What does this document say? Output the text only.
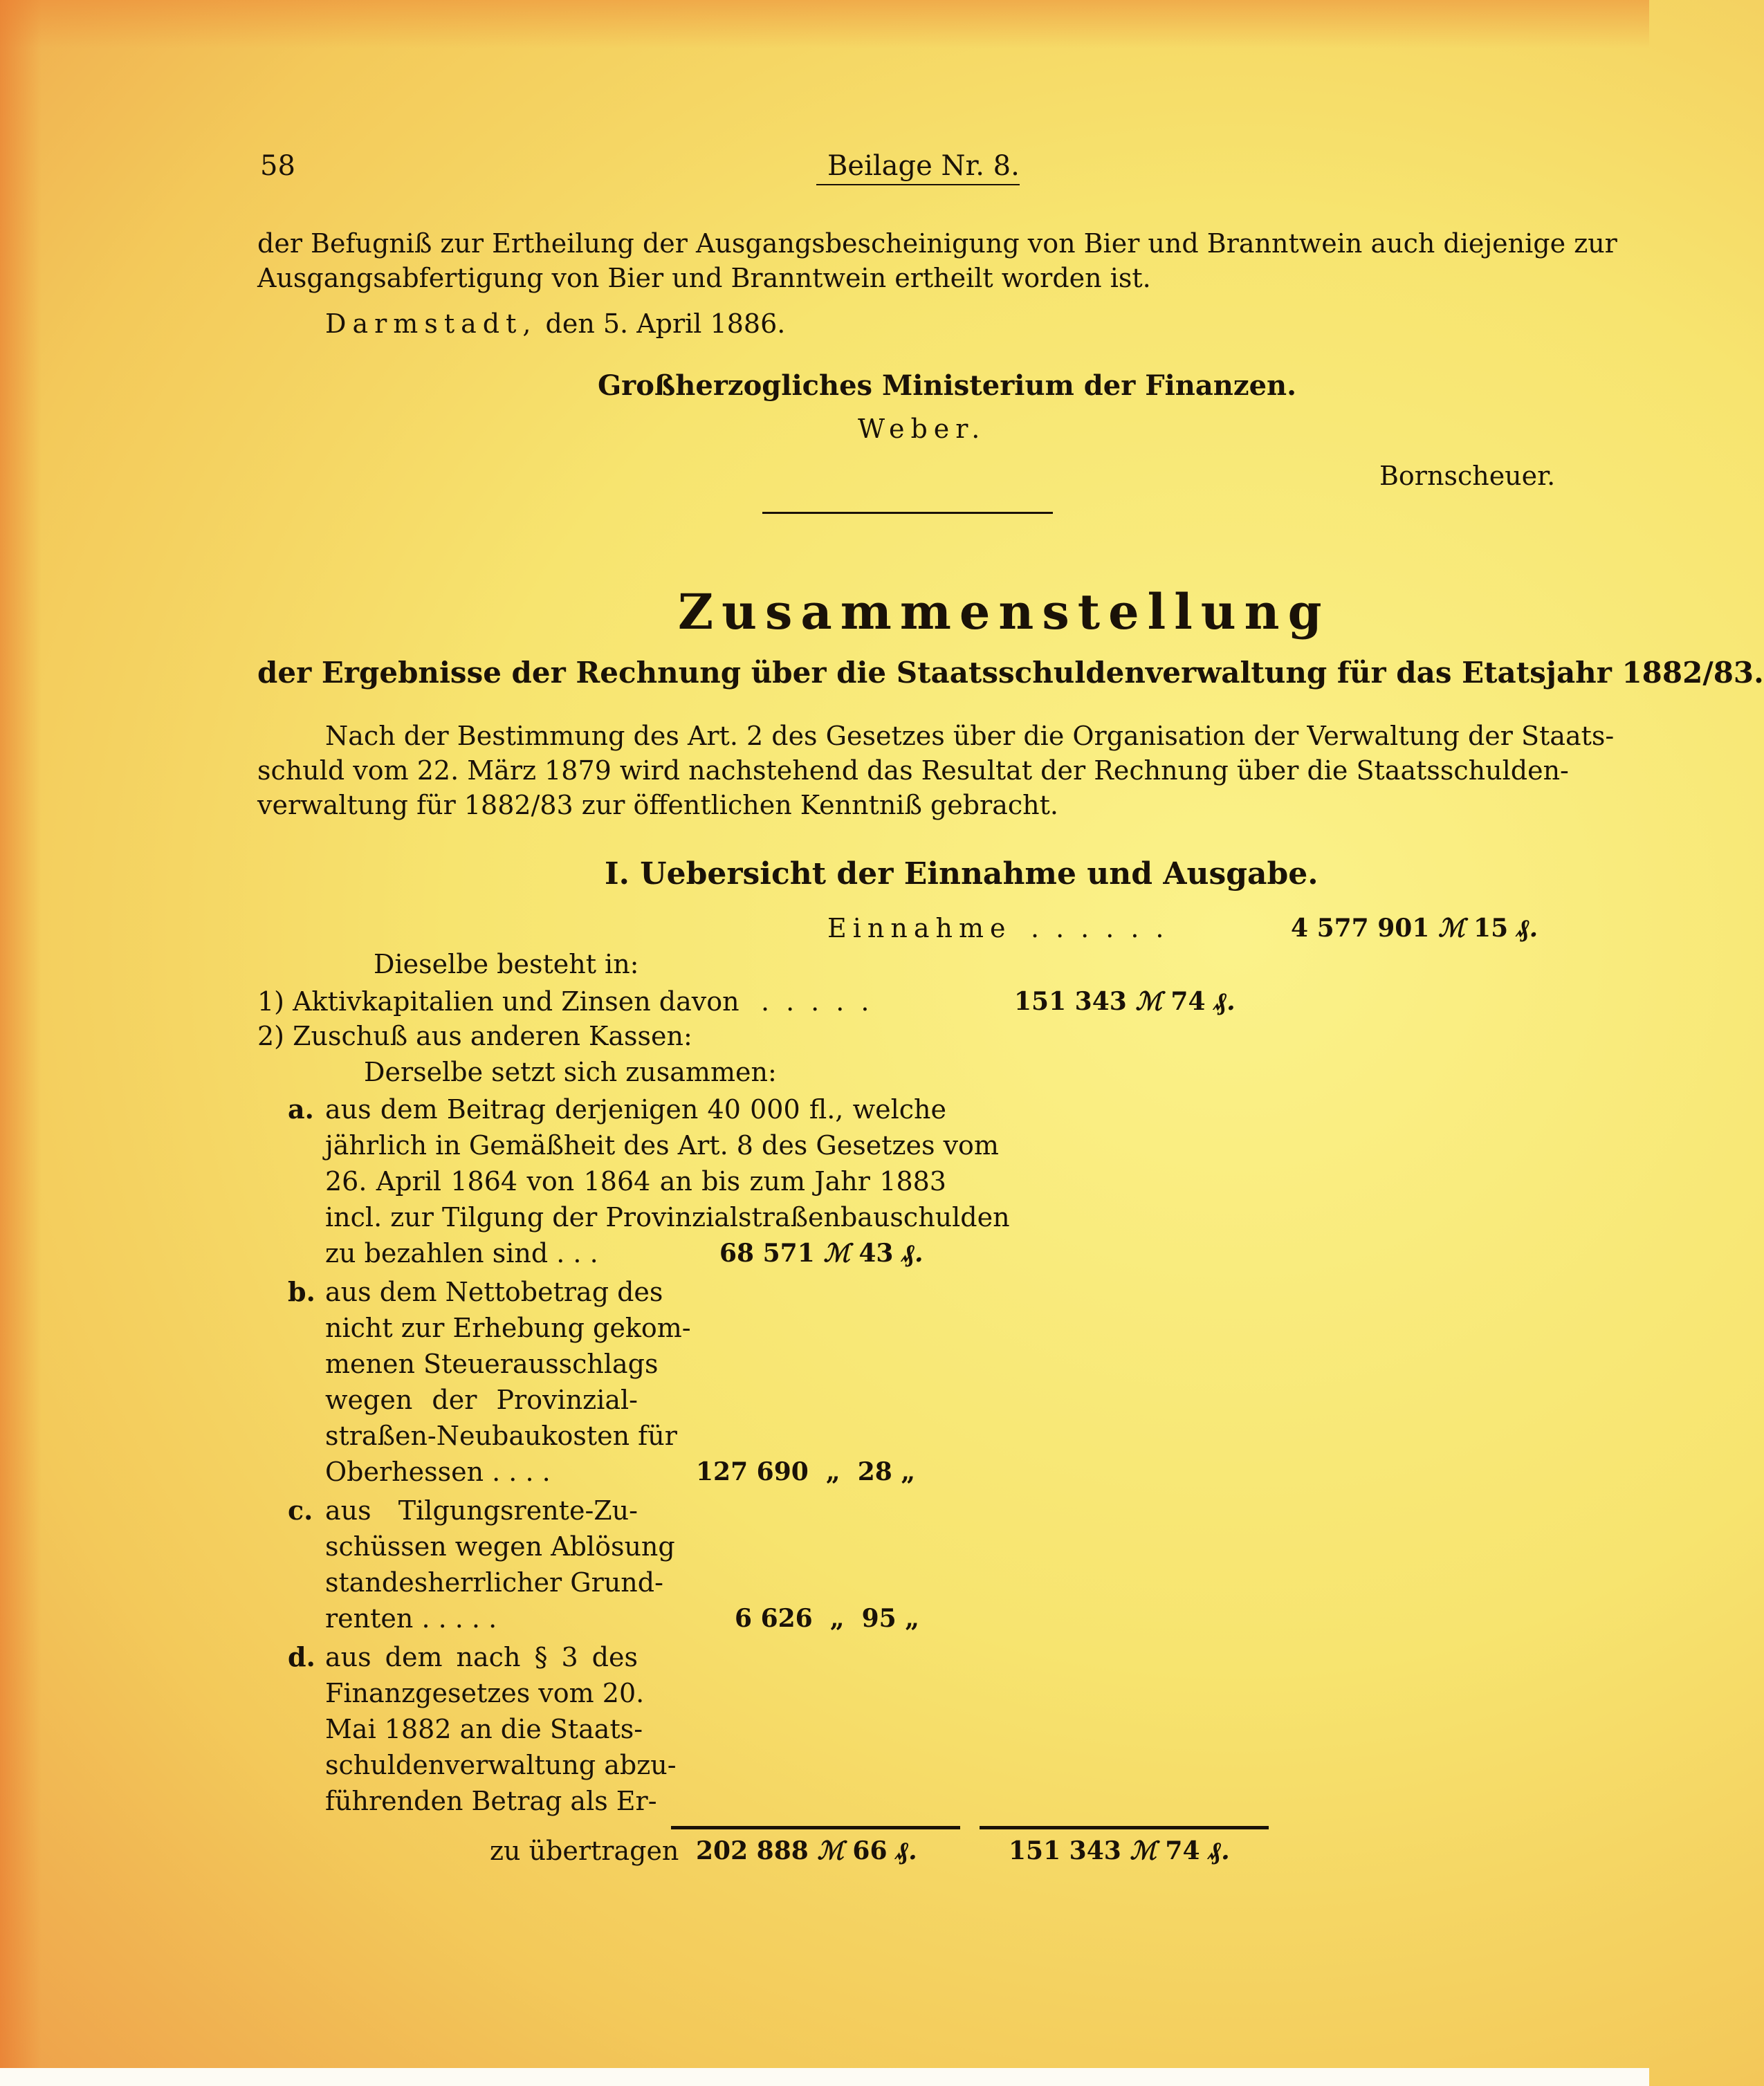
58	Beilage Nr. 8.
der Befugniß zur Ertheilung der Ausgangsbescheinigung von Bier und Branntwein auch diejenige zur
Ausgangsabfertigung von Bier und Branntwein ertheilt worden ist.
Darmstadt, den 5. April 1886.
Großherzogliches Ministerium der Finanzen.
Weber.
Bornscheuer.
Zusammenstellung
der Ergebnisse der Rechnung über die Staatsschuldenverwaltung für das Etatsjahr 1882/83.
Nach der Bestimmung des Art. 2 des Gesetzes über die Organisation der Verwaltung der Staats-
schuld vom 22. März 1879 wird nachstehend das Resultat der Rechnung über die Staatsschulden-
verwaltung für 1882/83 zur öffentlichen Kenntniß gebracht.
I. Uebersicht der Einnahme und Ausgabe.
Einnahme ......	4 577 901 ℳ 15 ₰.
Dieselbe besteht in:
1) Aktivkapitalien und Zinsen davon .....	151 343 ℳ 74 ₰.
2) Zuschuß aus anderen Kassen:
Derselbe setzt sich zusammen:
a. aus dem Beitrag derjenigen 40 000 fl., welche
jährlich in Gemäßheit des Art. 8 des Gesetzes vom
26. April 1864 von 1864 an bis zum Jahr 1883
incl. zur Tilgung der Provinzialstraßenbauschulden
zu bezahlen sind . . .	68 571 ℳ 43 ₰.
b. aus dem Nettobetrag des
nicht zur Erhebung gekom-
menen Steuerausschlags
wegen der Provinzial-
straßen-Neubaukosten für
Oberhessen . . . .	127 690 „ 28 „
c. aus Tilgungsrente-Zu-
schüssen wegen Ablösung
standesherrlicher Grund-
renten . . . . .	6 626 „ 95 „
d. aus dem nach § 3 des
Finanzgesetzes vom 20.
Mai 1882 an die Staats-
schuldenverwaltung abzu-
führenden Betrag als Er-
zu übertragen 202 888 ℳ 66 ₰.	151 343 ℳ 74 ₰.
